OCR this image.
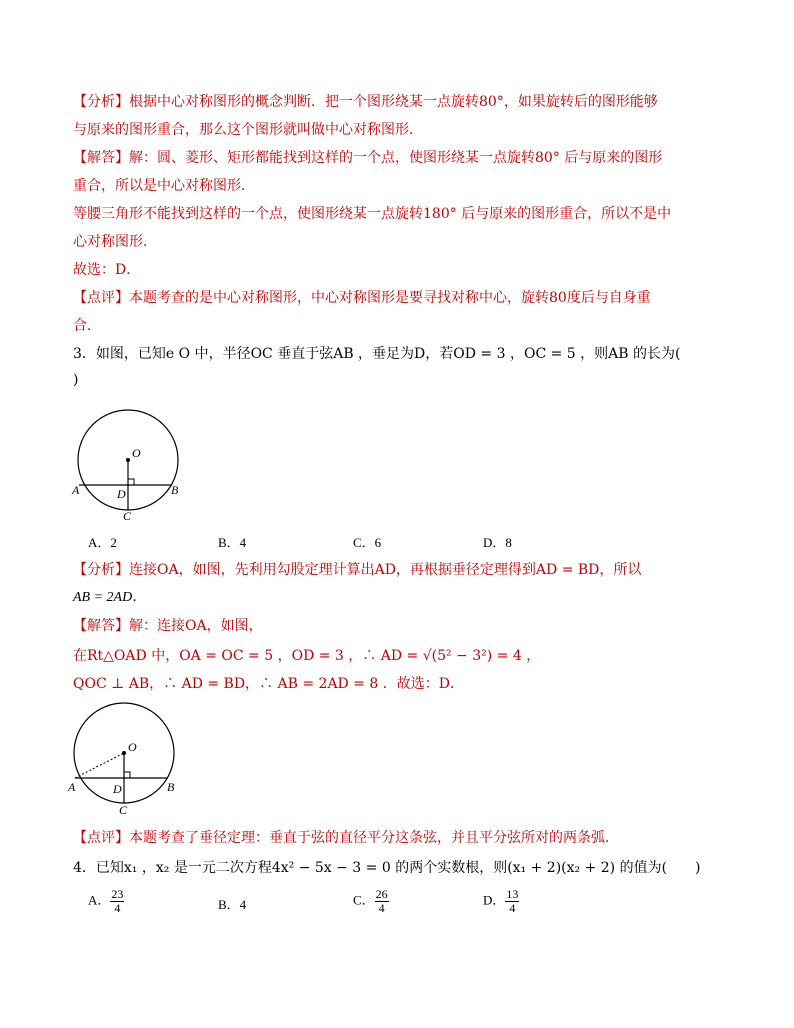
【分析】根据中心对称图形的概念判断．把一个图形绕某一点旋转80°，如果旋转后的图形能够
与原来的图形重合，那么这个图形就叫做中心对称图形．
【解答】解：圆、菱形、矩形都能找到这样的一个点，使图形绕某一点旋转80° 后与原来的图形
重合，所以是中心对称图形．
等腰三角形不能找到这样的一个点，使图形绕某一点旋转180° 后与原来的图形重合，所以不是中
心对称图形．
故选：D．
【点评】本题考查的是中心对称图形，中心对称图形是要寻找对称中心，旋转80度后与自身重
合．
3．如图，已知e O 中，半径OC 垂直于弦AB ，垂足为D，若OD = 3 ，OC = 5 ，则AB 的长为(
)
O
A	B
D
C
A．2	B．4	C．6	D．8
【分析】连接OA，如图，先利用勾股定理计算出AD，再根据垂径定理得到AD = BD，所以
AB = 2AD．
【解答】解：连接OA，如图，
在Rt△OAD 中，OA = OC = 5 ，OD = 3 ，∴ AD = √(5² − 3²) = 4 ，
QOC ⊥ AB，∴ AD = BD，∴ AB = 2AD = 8 ．故选：D．
O
A	B
D
C
【点评】本题考查了垂径定理：垂直于弦的直径平分这条弦，并且平分弦所对的两条弧．
4．已知x₁ ，x₂ 是一元二次方程4x² − 5x − 3 = 0 的两个实数根，则(x₁ + 2)(x₂ + 2) 的值为(　　)
A． $\frac{23}{4}$	B．4	C． $\frac{26}{4}$	D． $\frac{13}{4}$
